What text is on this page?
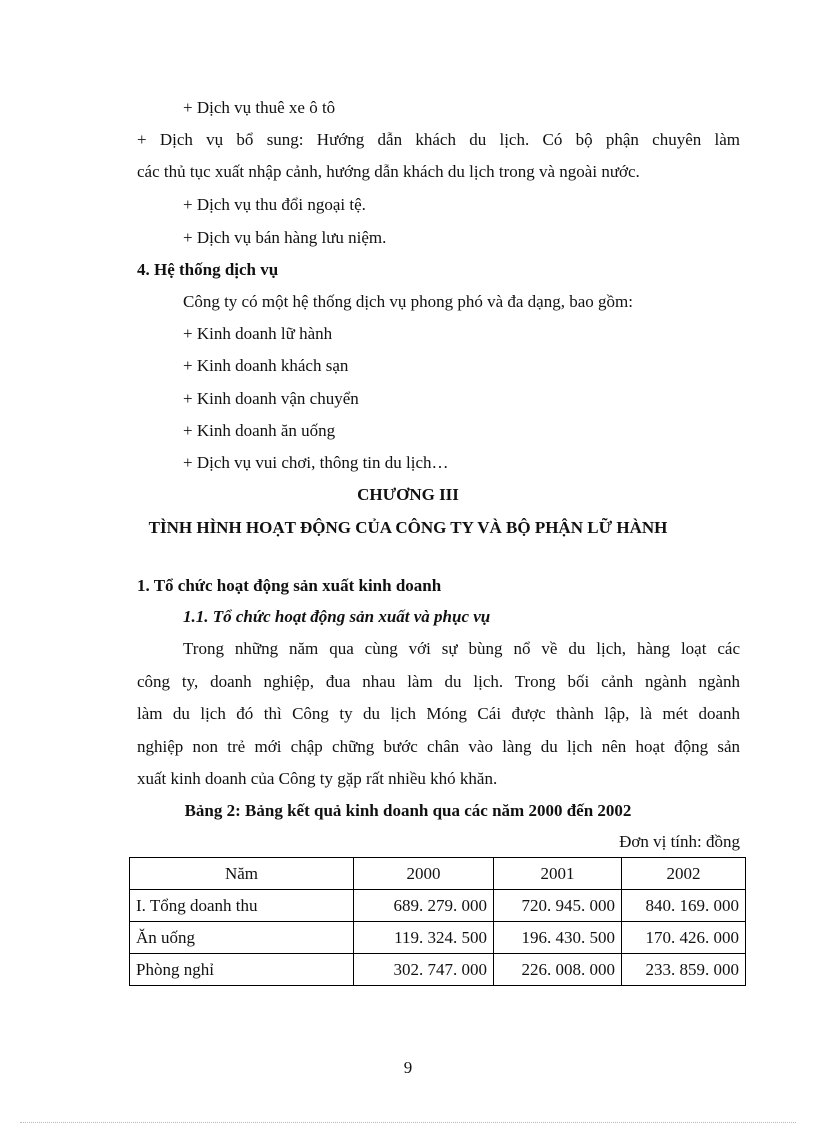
+ Dịch vụ thuê xe ô tô
+ Dịch vụ bổ sung: Hướng dẫn khách du lịch. Có bộ phận chuyên làm
các thủ tục xuất nhập cảnh, hướng dẫn khách du lịch trong và ngoài nước.
+ Dịch vụ thu đổi ngoại tệ.
+ Dịch vụ bán hàng lưu niệm.
4. Hệ thống dịch vụ
Công ty có một hệ thống dịch vụ phong phó và đa dạng, bao gồm:
+ Kinh doanh lữ hành
+ Kinh doanh khách sạn
+ Kinh doanh vận chuyển
+ Kinh doanh ăn uống
+ Dịch vụ vui chơi, thông tin du lịch…
CHƯƠNG III
TÌNH HÌNH HOẠT ĐỘNG CỦA CÔNG TY VÀ BỘ PHẬN LỮ HÀNH
1. Tổ chức hoạt động sản xuất kinh doanh
1.1. Tổ chức hoạt động sản xuất và phục vụ
Trong những năm qua cùng với sự bùng nổ về du lịch, hàng loạt các
công ty, doanh nghiệp, đua nhau làm du lịch. Trong bối cảnh ngành ngành
làm du lịch đó thì Công ty du lịch Móng Cái được thành lập, là mét doanh
nghiệp non trẻ mới chập chững bước chân vào làng du lịch nên hoạt động sản
xuất kinh doanh của Công ty gặp rất nhiều khó khăn.
Bảng 2: Bảng kết quả kinh doanh qua các năm 2000 đến 2002
Đơn vị tính: đồng
Năm	2000	2001	2002
I. Tổng doanh thu	689. 279. 000	720. 945. 000	840. 169. 000
Ăn uống	119. 324. 500	196. 430. 500	170. 426. 000
Phòng nghỉ	302. 747. 000	226. 008. 000	233. 859. 000
9
